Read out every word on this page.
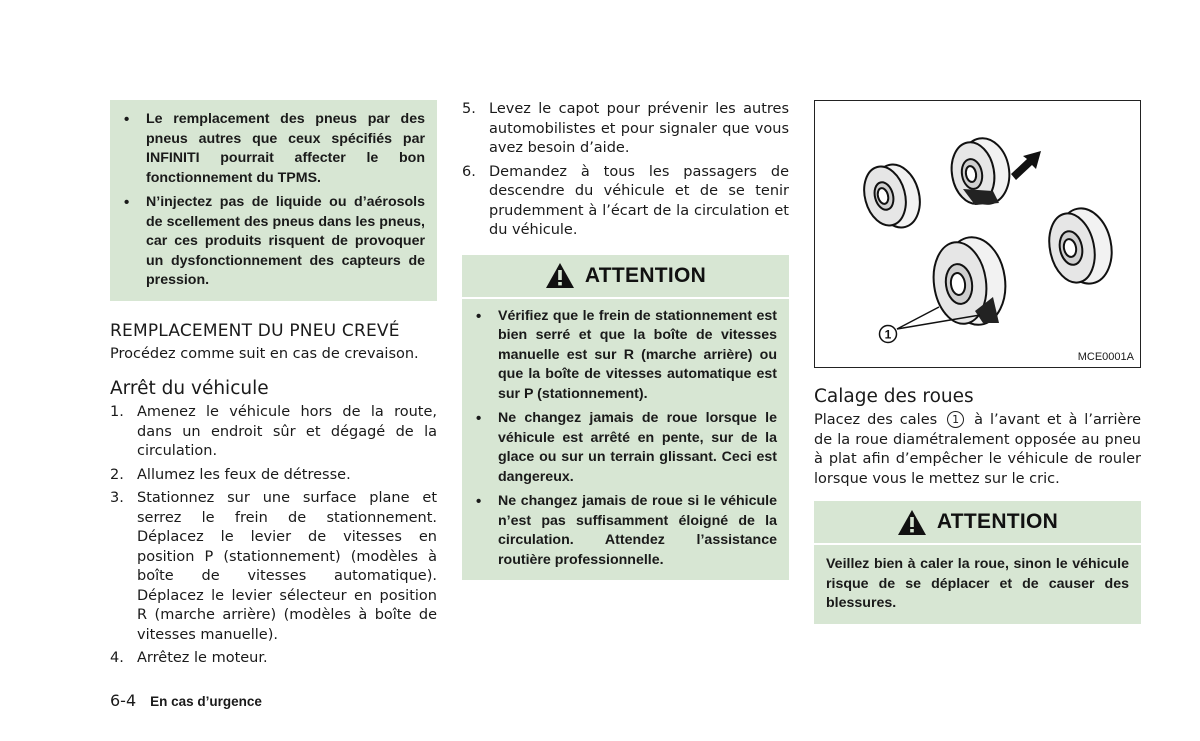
• Le remplacement des pneus par des pneus autres que ceux spécifiés par INFINITI pourrait affecter le bon fonctionnement du TPMS.
• N’injectez pas de liquide ou d’aérosols de scellement des pneus dans les pneus, car ces produits risquent de provoquer un dysfonctionnement des capteurs de pression.
REMPLACEMENT DU PNEU CREVÉ

Procédez comme suit en cas de crevaison.

Arrêt du véhicule
1. Amenez le véhicule hors de la route, dans un endroit sûr et dégagé de la circulation.
2. Allumez les feux de détresse.
3. Stationnez sur une surface plane et serrez le frein de stationnement. Déplacez le levier de vitesses en position P (stationnement) (modèles à boîte de vitesses automatique). Déplacez le levier sélecteur en position R (marche arrière) (modèles à boîte de vitesses manuelle).
4. Arrêtez le moteur.
5. Levez le capot pour prévenir les autres automobilistes et pour signaler que vous avez besoin d’aide.
6. Demandez à tous les passagers de descendre du véhicule et de se tenir prudemment à l’écart de la circulation et du véhicule.
ATTENTION
• Vérifiez que le frein de stationnement est bien serré et que la boîte de vitesses manuelle est sur R (marche arrière) ou que la boîte de vitesses automatique est sur P (stationnement).
• Ne changez jamais de roue lorsque le véhicule est arrêté en pente, sur de la glace ou sur un terrain glissant. Ceci est dangereux.
• Ne changez jamais de roue si le véhicule n’est pas suffisamment éloigné de la circulation. Attendez l’assistance routière professionnelle.
1
MCE0001A
Calage des roues

Placez des cales 1 à l’avant et à l’arrière de la roue diamétralement opposée au pneu à plat afin d’empêcher le véhicule de rouler lorsque vous le mettez sur le cric.

ATTENTION

Veillez bien à caler la roue, sinon le véhicule risque de se déplacer et de causer des blessures.

6-4 En cas d’urgence
